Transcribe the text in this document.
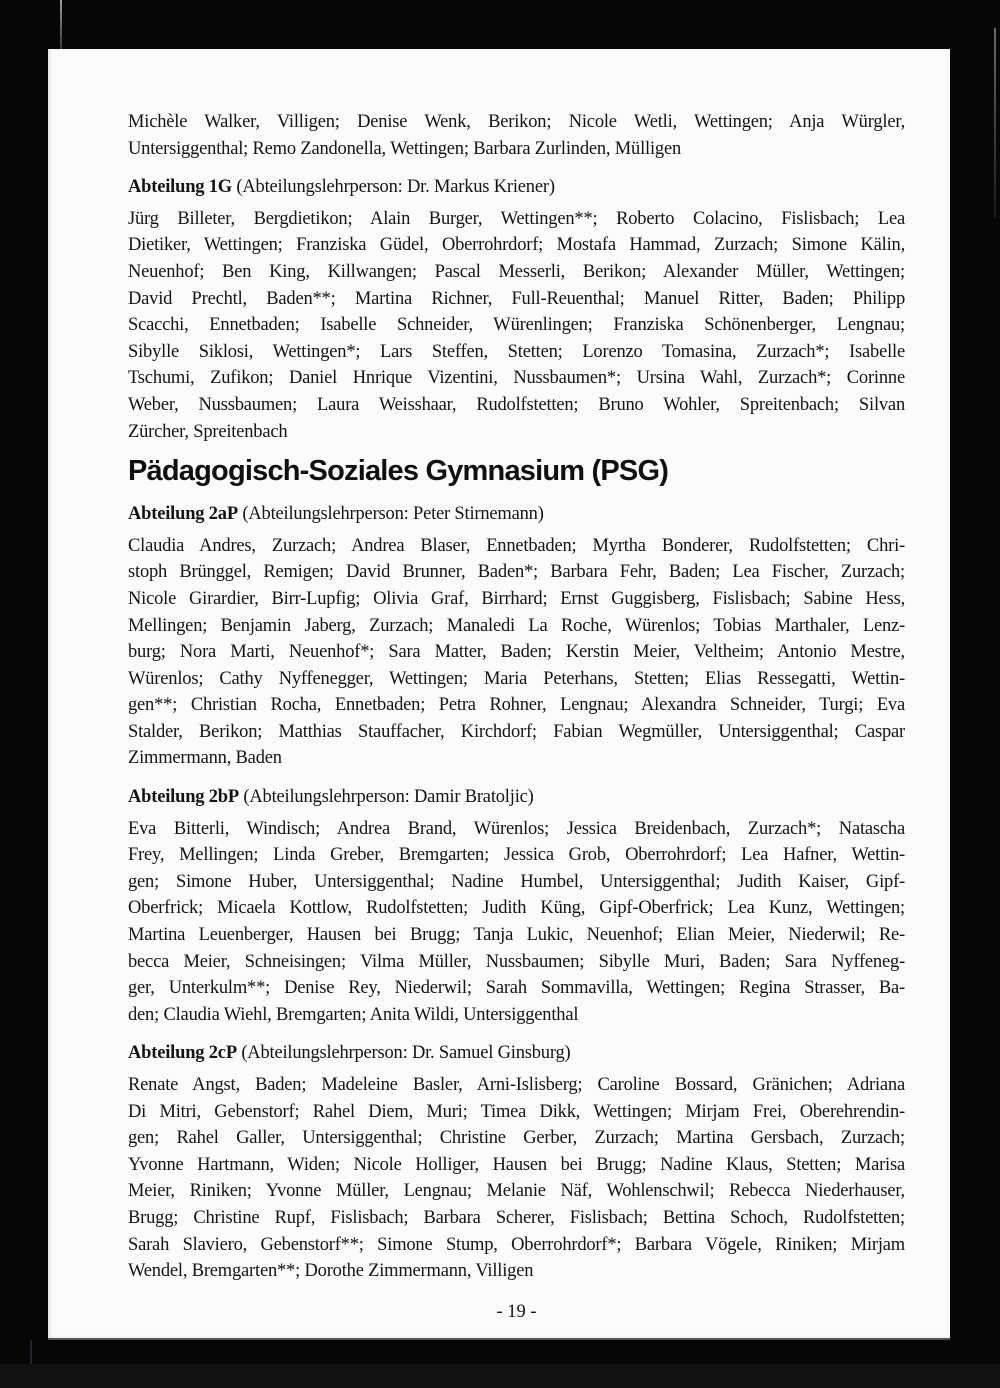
Michèle Walker, Villigen; Denise Wenk, Berikon; Nicole Wetli, Wettingen; Anja Würgler,
Untersiggenthal; Remo Zandonella, Wettingen; Barbara Zurlinden, Mülligen
Abteilung 1G (Abteilungslehrperson: Dr. Markus Kriener)
Jürg Billeter, Bergdietikon; Alain Burger, Wettingen**; Roberto Colacino, Fislisbach; Lea
Dietiker, Wettingen; Franziska Güdel, Oberrohrdorf; Mostafa Hammad, Zurzach; Simone Kälin,
Neuenhof; Ben King, Killwangen; Pascal Messerli, Berikon; Alexander Müller, Wettingen;
David Prechtl, Baden**; Martina Richner, Full-Reuenthal; Manuel Ritter, Baden; Philipp
Scacchi, Ennetbaden; Isabelle Schneider, Würenlingen; Franziska Schönenberger, Lengnau;
Sibylle Siklosi, Wettingen*; Lars Steffen, Stetten; Lorenzo Tomasina, Zurzach*; Isabelle
Tschumi, Zufikon; Daniel Hnrique Vizentini, Nussbaumen*; Ursina Wahl, Zurzach*; Corinne
Weber, Nussbaumen; Laura Weisshaar, Rudolfstetten; Bruno Wohler, Spreitenbach; Silvan
Zürcher, Spreitenbach
Pädagogisch-Soziales Gymnasium (PSG)
Abteilung 2aP (Abteilungslehrperson: Peter Stirnemann)
Claudia Andres, Zurzach; Andrea Blaser, Ennetbaden; Myrtha Bonderer, Rudolfstetten; Chri-
stoph Brünggel, Remigen; David Brunner, Baden*; Barbara Fehr, Baden; Lea Fischer, Zurzach;
Nicole Girardier, Birr-Lupfig; Olivia Graf, Birrhard; Ernst Guggisberg, Fislisbach; Sabine Hess,
Mellingen; Benjamin Jaberg, Zurzach; Manaledi La Roche, Würenlos; Tobias Marthaler, Lenz-
burg; Nora Marti, Neuenhof*; Sara Matter, Baden; Kerstin Meier, Veltheim; Antonio Mestre,
Würenlos; Cathy Nyffenegger, Wettingen; Maria Peterhans, Stetten; Elias Ressegatti, Wettin-
gen**; Christian Rocha, Ennetbaden; Petra Rohner, Lengnau; Alexandra Schneider, Turgi; Eva
Stalder, Berikon; Matthias Stauffacher, Kirchdorf; Fabian Wegmüller, Untersiggenthal; Caspar
Zimmermann, Baden
Abteilung 2bP (Abteilungslehrperson: Damir Bratoljic)
Eva Bitterli, Windisch; Andrea Brand, Würenlos; Jessica Breidenbach, Zurzach*; Natascha
Frey, Mellingen; Linda Greber, Bremgarten; Jessica Grob, Oberrohrdorf; Lea Hafner, Wettin-
gen; Simone Huber, Untersiggenthal; Nadine Humbel, Untersiggenthal; Judith Kaiser, Gipf-
Oberfrick; Micaela Kottlow, Rudolfstetten; Judith Küng, Gipf-Oberfrick; Lea Kunz, Wettingen;
Martina Leuenberger, Hausen bei Brugg; Tanja Lukic, Neuenhof; Elian Meier, Niederwil; Re-
becca Meier, Schneisingen; Vilma Müller, Nussbaumen; Sibylle Muri, Baden; Sara Nyffeneg-
ger, Unterkulm**; Denise Rey, Niederwil; Sarah Sommavilla, Wettingen; Regina Strasser, Ba-
den; Claudia Wiehl, Bremgarten; Anita Wildi, Untersiggenthal
Abteilung 2cP (Abteilungslehrperson: Dr. Samuel Ginsburg)
Renate Angst, Baden; Madeleine Basler, Arni-Islisberg; Caroline Bossard, Gränichen; Adriana
Di Mitri, Gebenstorf; Rahel Diem, Muri; Timea Dikk, Wettingen; Mirjam Frei, Oberehrendin-
gen; Rahel Galler, Untersiggenthal; Christine Gerber, Zurzach; Martina Gersbach, Zurzach;
Yvonne Hartmann, Widen; Nicole Holliger, Hausen bei Brugg; Nadine Klaus, Stetten; Marisa
Meier, Riniken; Yvonne Müller, Lengnau; Melanie Näf, Wohlenschwil; Rebecca Niederhauser,
Brugg; Christine Rupf, Fislisbach; Barbara Scherer, Fislisbach; Bettina Schoch, Rudolfstetten;
Sarah Slaviero, Gebenstorf**; Simone Stump, Oberrohrdorf*; Barbara Vögele, Riniken; Mirjam
Wendel, Bremgarten**; Dorothe Zimmermann, Villigen
- 19 -
